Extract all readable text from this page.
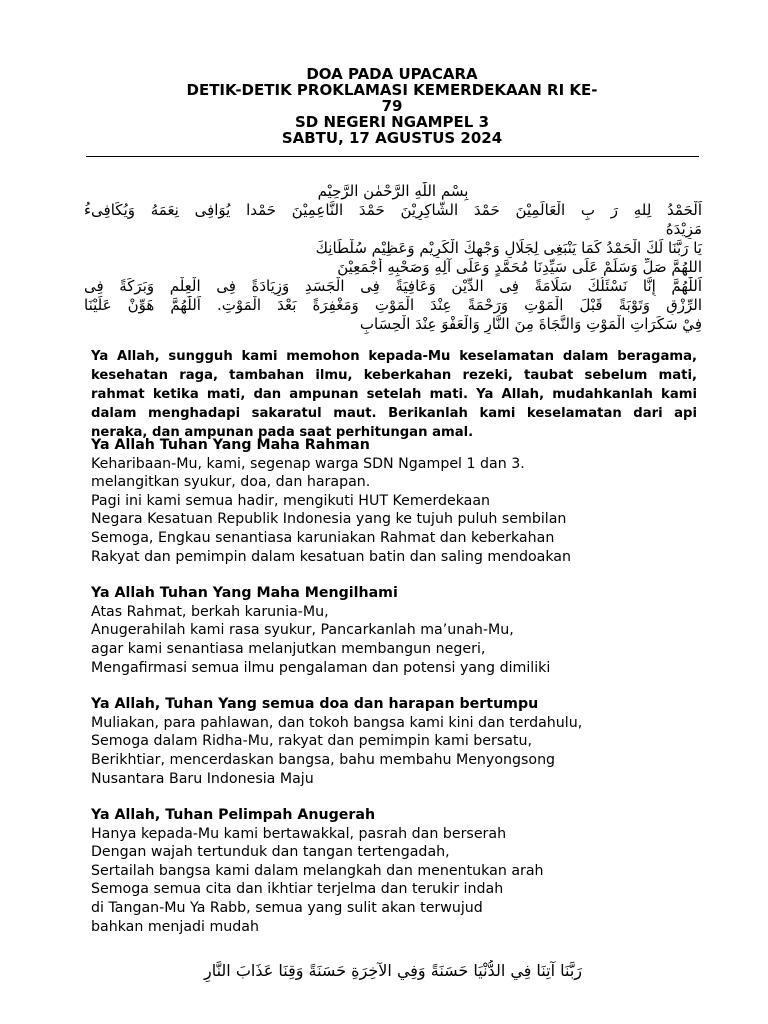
DOA PADA UPACARA
DETIK-DETIK PROKLAMASI KEMERDEKAAN RI KE-
79
SD NEGERI NGAMPEL 3
SABTU, 17 AGUSTUS 2024
بِسْمِ اللّٰهِ الرَّحْمٰنِ الرَّحِيْمِ
اَلْحَمْدُ لِلهِ رَ بِ الْعَالَمِيْنَ حَمْدَ الشَّاكِرِيْنَ حَمْدَ النَّاعِمِيْنَ حَمْدا يُوَافِى نِعَمَهُ وَيُكَافِىءُ
مَزِيْدَهُ
يَا رَبَّنَا لَكَ الْحَمْدُ كَمَا يَنْبَغِى لِجَلَالِ وَجْهِكَ الْكَرِيْمِ وَعَظِيْمِ سُلْطَانِكَ
اللهُمَّ صَلِّ وَسَلِّمْ عَلَى سَيِّدِنَا مُحَمَّدٍ وَعَلَى آلِهِ وَصَحْبِهِ أَجْمَعِيْنَ
اَللّٰهُمَّ إِنَّا نَسْئَلُكَ سَلَامَةً فِى الدِّيْنِ وَعَافِيَةً فِى الْجَسَدِ وَزِيَادَةً فِى الْعِلْمِ وَبَرَكَةً فِى
الرِّزْقِ وَتَوْبَةً قَبْلَ الْمَوْتِ وَرَحْمَةً عِنْدَ الْمَوْتِ وَمَغْفِرَةً بَعْدَ الْمَوْتِ. اَللّٰهُمَّ هَوِّنْ عَلَيْنَا
فِيْ سَكَرَاتِ الْمَوْتِ وَالنَّجَاةَ مِنَ النَّارِ وَالْعَفْوَ عِنْدَ الْحِسَابِ
Ya Allah, sungguh kami memohon kepada-Mu keselamatan dalam beragama, kesehatan raga, tambahan ilmu, keberkahan rezeki, taubat sebelum mati, rahmat ketika mati, dan ampunan setelah mati. Ya Allah, mudahkanlah kami dalam menghadapi sakaratul maut. Berikanlah kami keselamatan dari api neraka, dan ampunan pada saat perhitungan amal.
Ya Allah Tuhan Yang Maha Rahman
Keharibaan-Mu, kami, segenap warga SDN Ngampel 1 dan 3.
melangitkan syukur, doa, dan harapan.
Pagi ini kami semua hadir, mengikuti HUT Kemerdekaan
Negara Kesatuan Republik Indonesia yang ke tujuh puluh sembilan
Semoga, Engkau senantiasa karuniakan Rahmat dan keberkahan
Rakyat dan pemimpin dalam kesatuan batin dan saling mendoakan
Ya Allah Tuhan Yang Maha Mengilhami
Atas Rahmat, berkah karunia-Mu,
Anugerahilah kami rasa syukur, Pancarkanlah ma’unah-Mu,
agar kami senantiasa melanjutkan membangun negeri,
Mengafirmasi semua ilmu pengalaman dan potensi yang dimiliki
Ya Allah, Tuhan Yang semua doa dan harapan bertumpu
Muliakan, para pahlawan, dan tokoh bangsa kami kini dan terdahulu,
Semoga dalam Ridha-Mu, rakyat dan pemimpin kami bersatu,
Berikhtiar, mencerdaskan bangsa, bahu membahu Menyongsong
Nusantara Baru Indonesia Maju
Ya Allah, Tuhan Pelimpah Anugerah
Hanya kepada-Mu kami bertawakkal, pasrah dan berserah
Dengan wajah tertunduk dan tangan tertengadah,
Sertailah bangsa kami dalam melangkah dan menentukan arah
Semoga semua cita dan ikhtiar terjelma dan terukir indah
di Tangan-Mu Ya Rabb, semua yang sulit akan terwujud
bahkan menjadi mudah
رَبَّنَا آتِنَا فِي الدُّنْيَا حَسَنَةً وَفِي الآخِرَةِ حَسَنَةً وَقِنَا عَذَابَ النَّارِ
